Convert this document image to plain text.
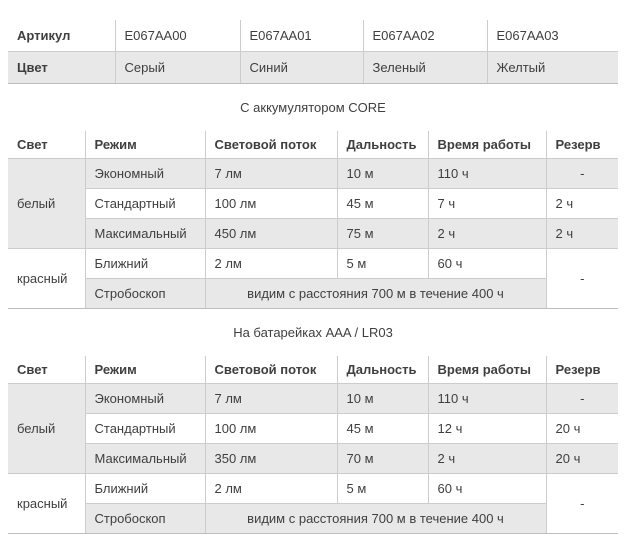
Артикул	E067AA00	E067AA01	E067AA02	E067AA03
Цвет	Серый	Синий	Зеленый	Желтый
С аккумулятором CORE
Свет	Режим	Световой поток	Дальность	Время работы	Резерв
белый	Экономный	7 лм	10 м	110 ч	-
	Стандартный	100 лм	45 м	7 ч	2 ч
	Максимальный	450 лм	75 м	2 ч	2 ч
красный	Ближний	2 лм	5 м	60 ч	-
	Стробоскоп	видим с расстояния 700 м в течение 400 ч			
На батарейках AAA / LR03
Свет	Режим	Световой поток	Дальность	Время работы	Резерв
белый	Экономный	7 лм	10 м	110 ч	-
	Стандартный	100 лм	45 м	12 ч	20 ч
	Максимальный	350 лм	70 м	2 ч	20 ч
красный	Ближний	2 лм	5 м	60 ч	-
	Стробоскоп	видим с расстояния 700 м в течение 400 ч			
